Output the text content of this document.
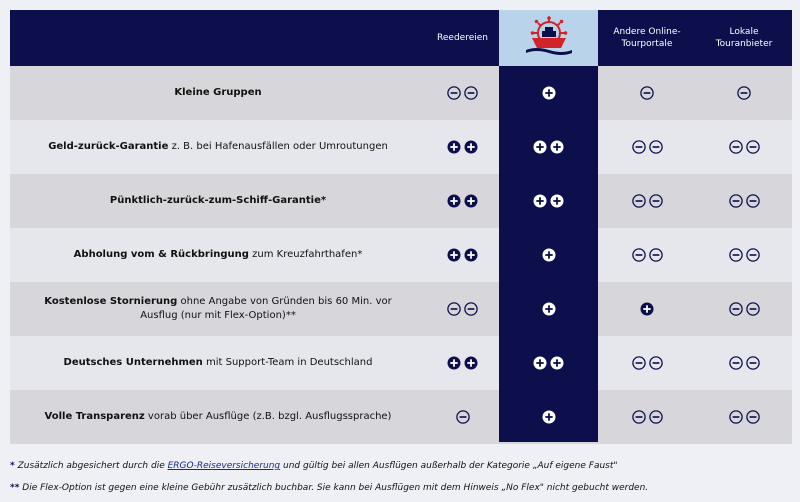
Reedereien
Andere Online-
Tourportale
Lokale
Touranbieter
Kleine Gruppen
Geld-zurück-Garantie z. B. bei Hafenausfällen oder Umroutungen
Pünktlich-zurück-zum-Schiff-Garantie*
Abholung vom & Rückbringung zum Kreuzfahrthafen*
Kostenlose Stornierung ohne Angabe von Gründen bis 60 Min. vor
Ausflug (nur mit Flex-Option)**
Deutsches Unternehmen mit Support-Team in Deutschland
Volle Transparenz vorab über Ausflüge (z.B. bzgl. Ausflugssprache)
* Zusätzlich abgesichert durch die ERGO-Reiseversicherung und gültig bei allen Ausflügen außerhalb der Kategorie „Auf eigene Faust"
** Die Flex-Option ist gegen eine kleine Gebühr zusätzlich buchbar. Sie kann bei Ausflügen mit dem Hinweis „No Flex" nicht gebucht werden.
